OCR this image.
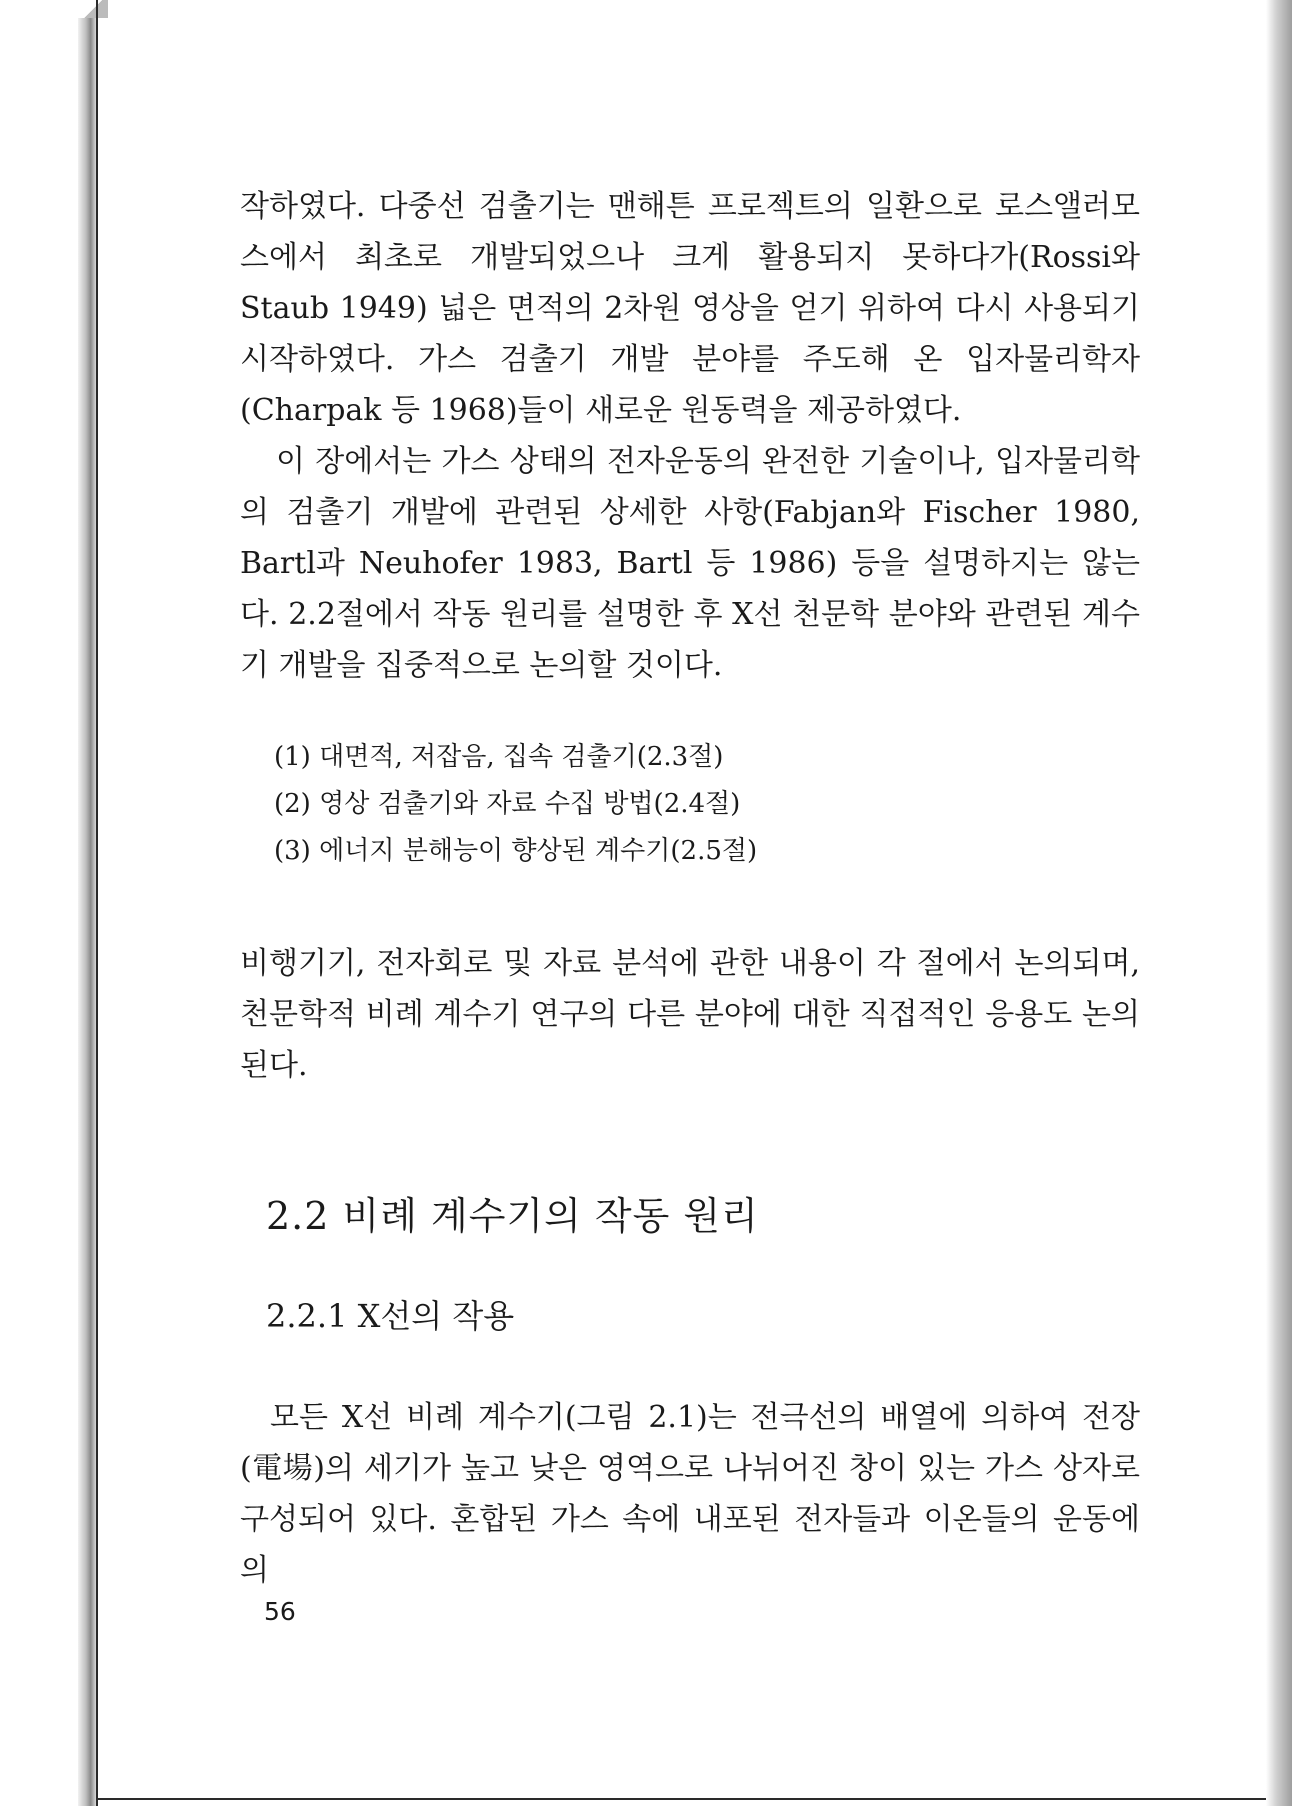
작하였다. 다중선 검출기는 맨해튼 프로젝트의 일환으로 로스앨러모스에서 최초로 개발되었으나 크게 활용되지 못하다가(Rossi와 Staub 1949) 넓은 면적의 2차원 영상을 얻기 위하여 다시 사용되기 시작하였다. 가스 검출기 개발 분야를 주도해 온 입자물리학자(Charpak 등 1968)들이 새로운 원동력을 제공하였다.

이 장에서는 가스 상태의 전자운동의 완전한 기술이나, 입자물리학의 검출기 개발에 관련된 상세한 사항(Fabjan와 Fischer 1980, Bartl과 Neuhofer 1983, Bartl 등 1986) 등을 설명하지는 않는다. 2.2절에서 작동 원리를 설명한 후 X선 천문학 분야와 관련된 계수기 개발을 집중적으로 논의할 것이다.

(1) 대면적, 저잡음, 집속 검출기(2.3절)
(2) 영상 검출기와 자료 수집 방법(2.4절)
(3) 에너지 분해능이 향상된 계수기(2.5절)

비행기기, 전자회로 및 자료 분석에 관한 내용이 각 절에서 논의되며, 천문학적 비례 계수기 연구의 다른 분야에 대한 직접적인 응용도 논의된다.

2.2 비례 계수기의 작동 원리
2.2.1 X선의 작용

모든 X선 비례 계수기(그림 2.1)는 전극선의 배열에 의하여 전장(電場)의 세기가 높고 낮은 영역으로 나뉘어진 창이 있는 가스 상자로 구성되어 있다. 혼합된 가스 속에 내포된 전자들과 이온들의 운동에 의

56
